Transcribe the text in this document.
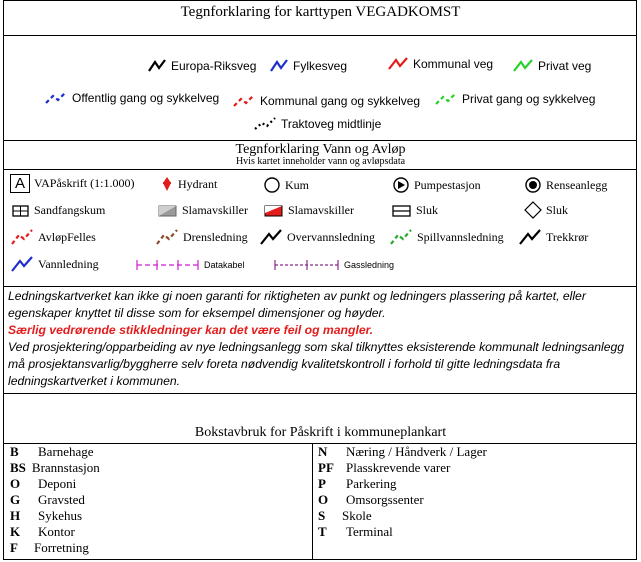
Tegnforklaring for karttypen VEGADKOMST
Europa-Riksveg	Fylkesveg	Kommunal veg	Privat veg
Offentlig gang og sykkelveg	Kommunal gang og sykkelveg	Privat gang og sykkelveg
Traktoveg midtlinje
Tegnforklaring Vann og Avløp
Hvis kartet inneholder vann og avløpsdata
A VAPåskrift (1:1.000)	Hydrant	Kum	Pumpestasjon	Renseanlegg
Sandfangskum	Slamavskiller	Slamavskiller	Sluk	Sluk
AvløpFelles	Drensledning	Overvannsledning	Spillvannsledning	Trekkrør
Vannledning	Datakabel	Gassledning
Ledningskartverket kan ikke gi noen garanti for riktigheten av punkt og ledningers plassering på kartet, eller egenskaper knyttet til disse som for eksempel dimensjoner og høyder.
Særlig vedrørende stikkledninger kan det være feil og mangler.
Ved prosjektering/opparbeiding av nye ledningsanlegg som skal tilknyttes eksisterende kommunalt ledningsanlegg må prosjektansvarlig/byggherre selv foreta nødvendig kvalitetskontroll i forhold til gitte ledningsdata fra ledningskartverket i kommunen.
Bokstavbruk for Påskrift i kommuneplankart
B	Barnehage
BS Brannstasjon
O	Deponi
G	Gravsted
H	Sykehus
K	Kontor
F	Forretning
N	Næring / Håndverk / Lager
PF Plasskrevende varer
P	Parkering
O	Omsorgssenter
S	Skole
T	Terminal
